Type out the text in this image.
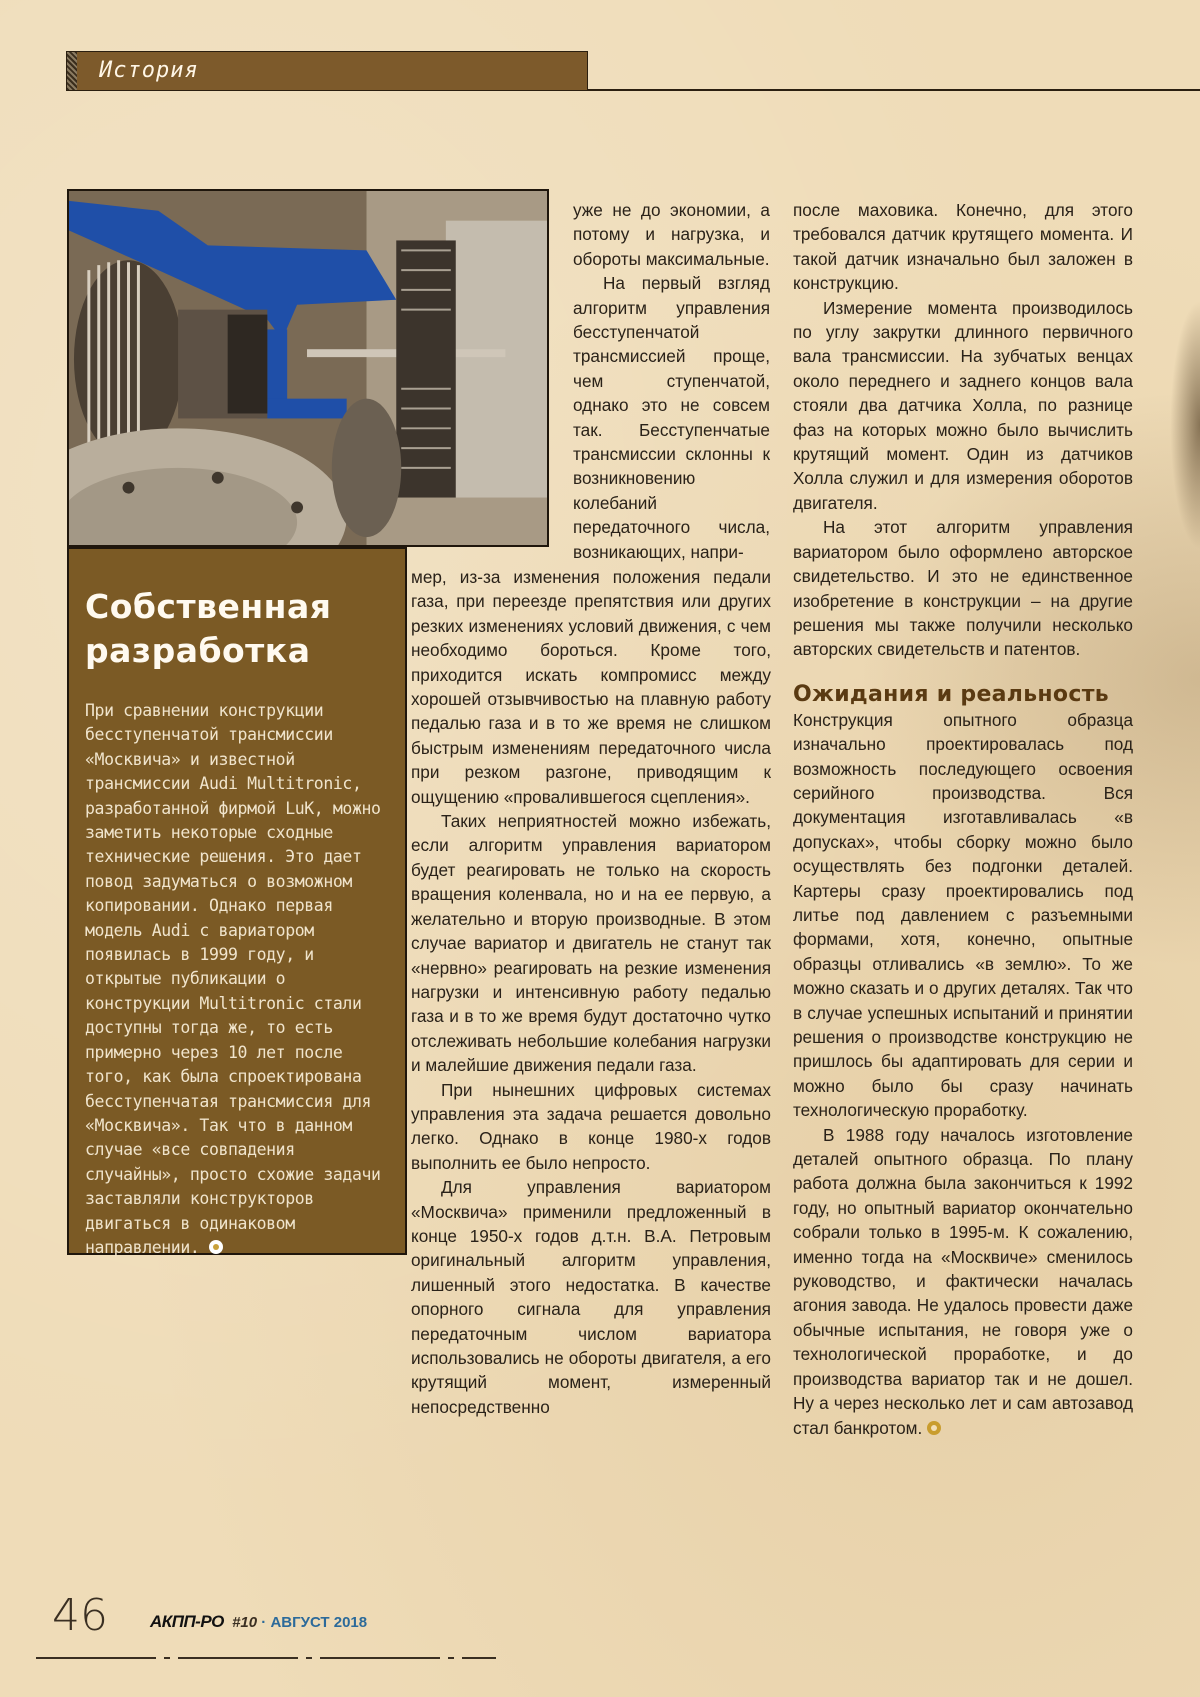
История
Собственная
разработка

При сравнении конструкции бесступенчатой трансмиссии «Москвича» и известной трансмиссии Audi Multitronic, разработанной фирмой LuK, можно заметить некоторые сходные технические решения. Это дает повод задуматься о возможном копировании. Однако первая модель Audi с вариатором появилась в 1999 году, и открытые публикации о конструкции Multitronic стали доступны тогда же, то есть примерно через 10 лет после того, как была спроектирована бесступенчатая трансмиссия для «Москвича». Так что в данном случае «все совпадения случайны», просто схожие задачи заставляли конструкторов двигаться в одинаковом направлении.

уже не до экономии, а потому и нагрузка, и обороты максимальные.

На первый взгляд алгоритм управления бесступенчатой трансмиссией проще, чем ступенчатой, однако это не совсем так. Бесступенчатые трансмиссии склонны к возникновению колебаний передаточного числа, возникающих, напри-

мер, из-за изменения положения педали газа, при переезде препятствия или других резких изменениях условий движения, с чем необходимо бороться. Кроме того, приходится искать компромисс между хорошей отзывчивостью на плавную работу педалью газа и в то же время не слишком быстрым изменениям передаточного числа при резком разгоне, приводящим к ощущению «провалившегося сцепления».

Таких неприятностей можно избежать, если алгоритм управления вариатором будет реагировать не только на скорость вращения коленвала, но и на ее первую, а желательно и вторую производные. В этом случае вариатор и двигатель не станут так «нервно» реагировать на резкие изменения нагрузки и интенсивную работу педалью газа и в то же время будут достаточно чутко отслеживать небольшие колебания нагрузки и малейшие движения педали газа.

При нынешних цифровых системах управления эта задача решается довольно легко. Однако в конце 1980-х годов выполнить ее было непросто.

Для управления вариатором «Москвича» применили предложенный в конце 1950-х годов д.т.н. В.А. Петровым оригинальный алгоритм управления, лишенный этого недостатка. В качестве опорного сигнала для управления передаточным числом вариатора использовались не обороты двигателя, а его крутящий момент, измеренный непосредственно

после маховика. Конечно, для этого требовался датчик крутящего момента. И такой датчик изначально был заложен в конструкцию.

Измерение момента производилось по углу закрутки длинного первичного вала трансмиссии. На зубчатых венцах около переднего и заднего концов вала стояли два датчика Холла, по разнице фаз на которых можно было вычислить крутящий момент. Один из датчиков Холла служил и для измерения оборотов двигателя.

На этот алгоритм управления вариатором было оформлено авторское свидетельство. И это не единственное изобретение в конструкции – на другие решения мы также получили несколько авторских свидетельств и патентов.

Ожидания и реальность

Конструкция опытного образца изначально проектировалась под возможность последующего освоения серийного производства. Вся документация изготавливалась «в допусках», чтобы сборку можно было осуществлять без подгонки деталей. Картеры сразу проектировались под литье под давлением с разъемными формами, хотя, конечно, опытные образцы отливались «в землю». То же можно сказать и о других деталях. Так что в случае успешных испытаний и принятии решения о производстве конструкцию не пришлось бы адаптировать для серии и можно было бы сразу начинать технологическую проработку.

В 1988 году началось изготовление деталей опытного образца. По плану работа должна была закончиться к 1992 году, но опытный вариатор окончательно собрали только в 1995-м. К сожалению, именно тогда на «Москвиче» сменилось руководство, и фактически началась агония завода. Не удалось провести даже обычные испытания, не говоря уже о технологической проработке, и до производства вариатор так и не дошел. Ну а через несколько лет и сам автозавод стал банкротом.

46 АКПП-РО #10 · АВГУСТ 2018
